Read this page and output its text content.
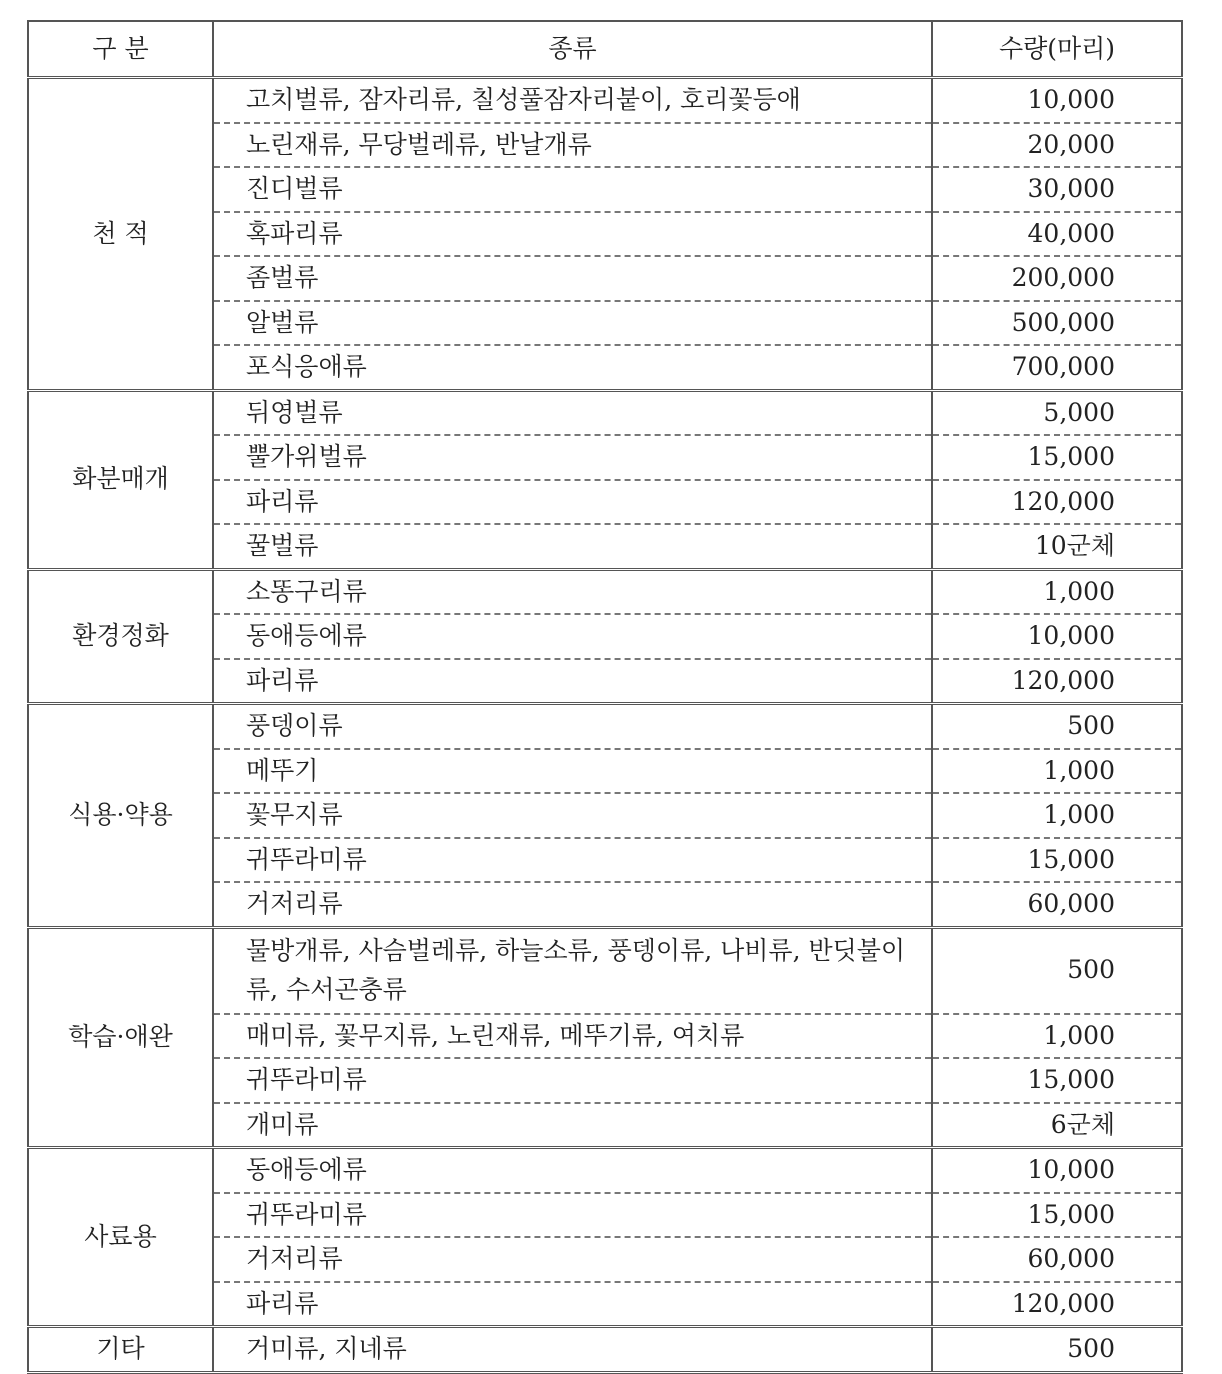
구 분	종류	수량(마리)
천 적	고치벌류, 잠자리류, 칠성풀잠자리붙이, 호리꽃등애	10,000
	노린재류, 무당벌레류, 반날개류	20,000
	진디벌류	30,000
	혹파리류	40,000
	좀벌류	200,000
	알벌류	500,000
	포식응애류	700,000
화분매개	뒤영벌류	5,000
	뿔가위벌류	15,000
	파리류	120,000
	꿀벌류	10군체
환경정화	소똥구리류	1,000
	동애등에류	10,000
	파리류	120,000
식용·약용	풍뎅이류	500
	메뚜기	1,000
	꽃무지류	1,000
	귀뚜라미류	15,000
	거저리류	60,000
학습·애완	물방개류, 사슴벌레류, 하늘소류, 풍뎅이류, 나비류, 반딧불이류, 수서곤충류	500
	매미류, 꽃무지류, 노린재류, 메뚜기류, 여치류	1,000
	귀뚜라미류	15,000
	개미류	6군체
사료용	동애등에류	10,000
	귀뚜라미류	15,000
	거저리류	60,000
	파리류	120,000
기타	거미류, 지네류	500
